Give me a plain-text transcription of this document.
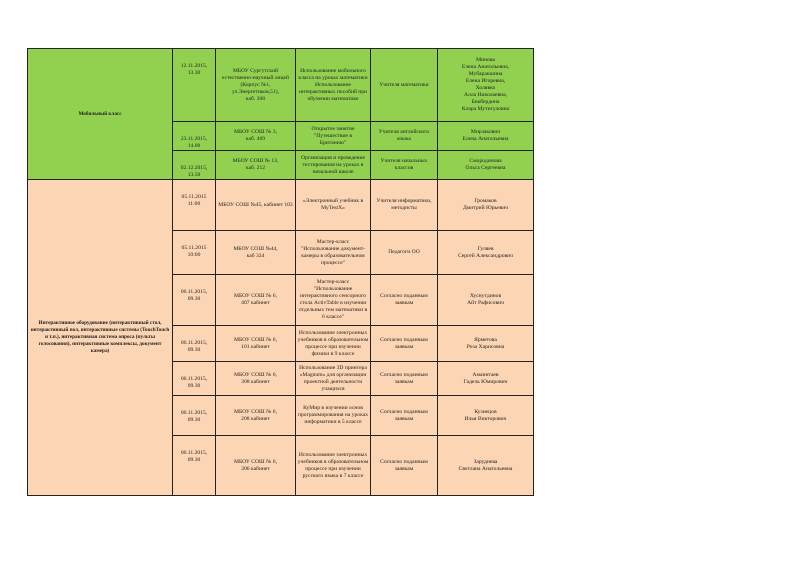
Мобильный класс	12.11.2015,
13.30	МБОУ Сургутский естественно-научный лицей (Корпус №1,
ул.Энергетиков,51),
каб. 308	Использование мобильного класса на уроках математики
Использование интерактивных пособий при обучении математике	Учителя математики	Минова
Елена Анатольевна,
Мубаракшина
Елена Игоревна,
Холявко
Алла Николаевна,
Бикбердина
Клара Мутигуловна
23.11.2015,
14.00	МБОУ СОШ № 3,
каб. 409	Открытое занятие
"Путешествие в
Британию"	Учителя английского языка	Мирзакович
Елена Анатольевна
02.12.2015,
13.50	МБОУ СОШ № 13,
каб. 212	Организация и проведение тестирования на уроках в начальной школе	Учителя начальных классов	Смородинова
Ольга Сергеевна
Интерактивное оборудование (интерактивный стол, интерактивный пол, интерактивные системы (TouchTouch и т.п.), интерактивная система опроса (пульты голосования), интерактивные комплексы, документ камера)	05.11.2015
11:00	МБОУ СОШ №45, кабинет 103	«Электронный учебник в MyTestX»	Учителя информатики, методисты	Громаков
Дмитрий Юрьевич
05.11.2015
10:00	МБОУ СОШ №44,
каб 334	Мастер-класс
"Использование документ-камеры в образовательном процессе"	Педагоги ОО	Гуляев
Сергей Александрович
06.11.2015,
09.30	МБОУ СОШ № 6,
407 кабинет	Мастер-класс
"Использование интерактивного сенсорного стола ActivTable в изучении отдельных тем математики в 6 классе"	Согласно поданным заявкам	Хуснутдинов
Айт Рафисович
06.11.2015,
09.30	МБОУ СОШ № 6,
101 кабинет	Использование электронных учебников в образовательном процессе при изучении физики в 9 классе	Согласно поданным заявкам	Ярметова
Роза Харисовна
06.11.2015,
09.30	МБОУ СОШ № 6,
308 кабинет	Использование 3D принтера «Magnum» для организации проектной деятельности учащихся	Согласно поданным заявкам	Аманитаев
Гадель Юмирович
06.11.2015,
09.30	МБОУ СОШ № 6,
208 кабинет	КуМир в изучении основ программирования на уроках информатики в 5 классе	Согласно поданным заявкам	Кузнецов
Илья Викторович
06.11.2015,
09.30	МБОУ СОШ № 6,
306 кабинет	Использование электронных учебников в образовательном процессе при изучении русского языка в 7 классе	Согласно поданным заявкам	Зарудиева
Светлана Анатольевна
